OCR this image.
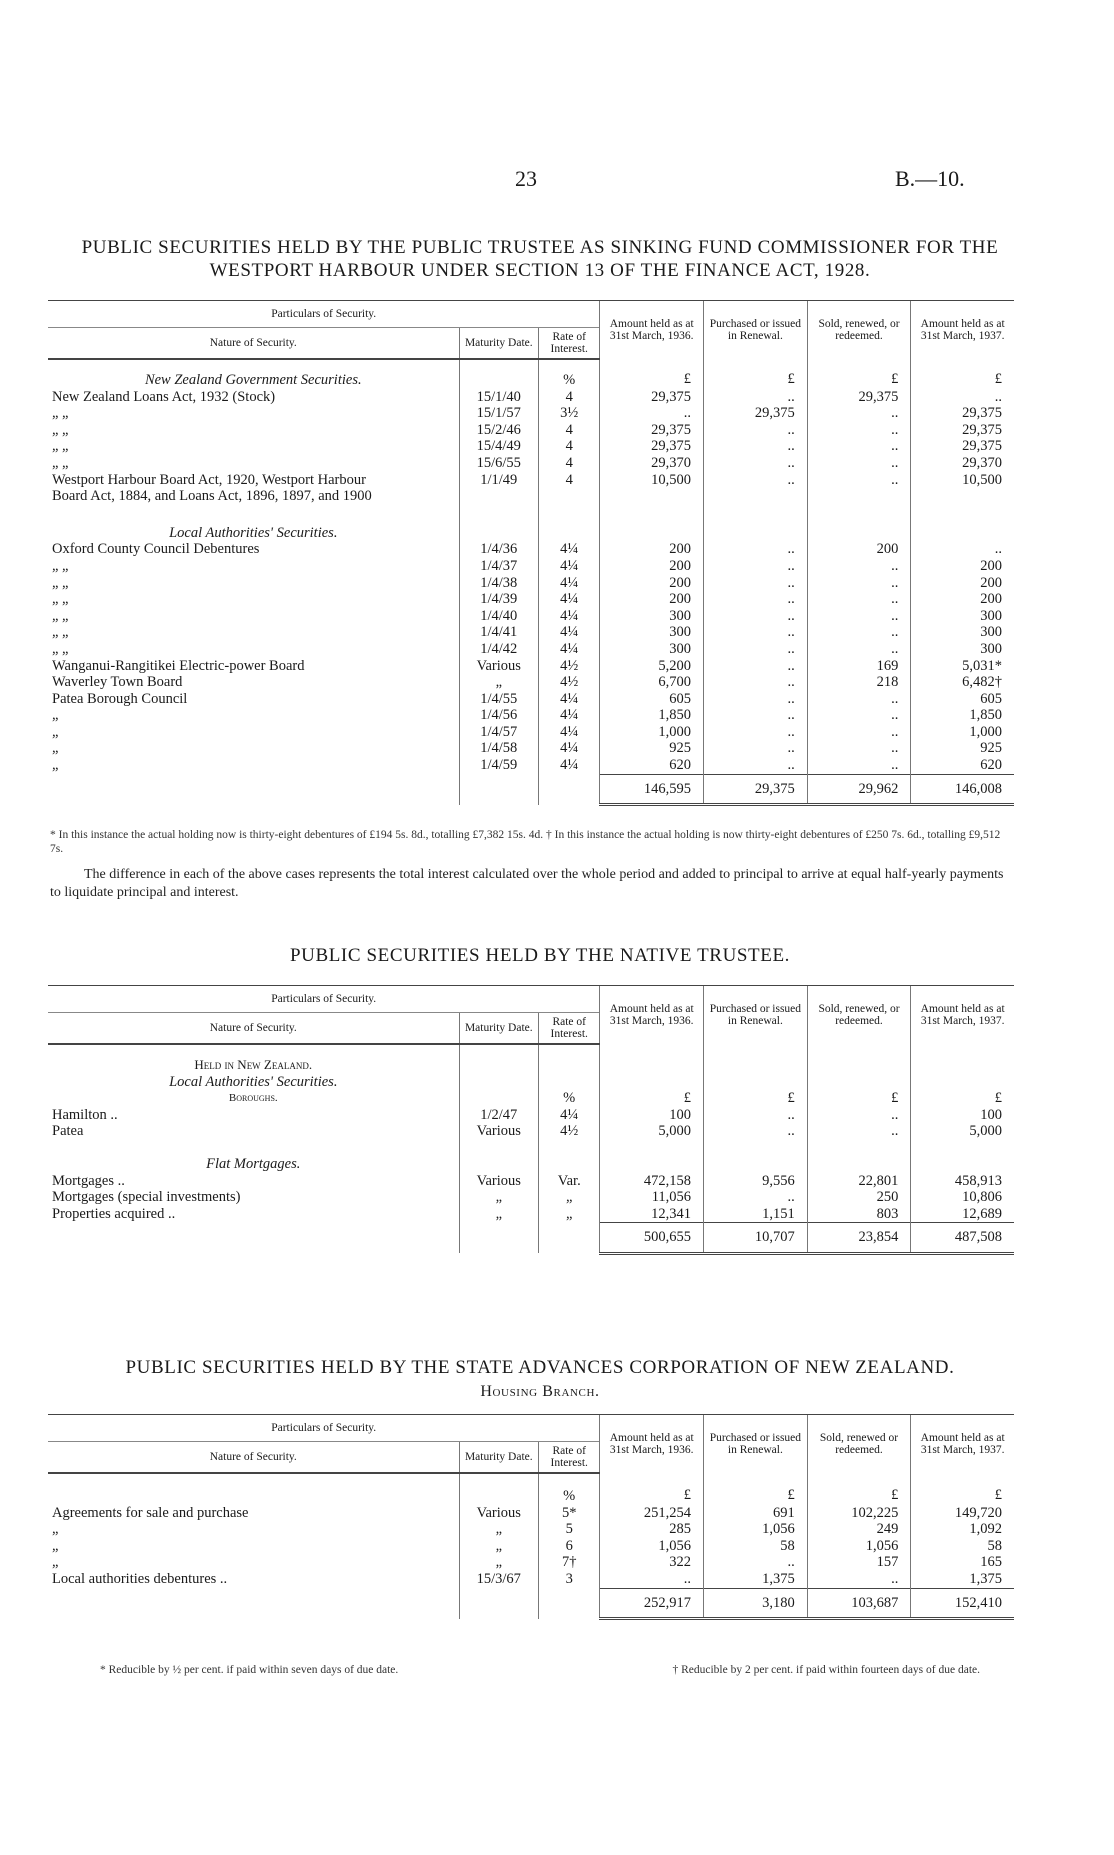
23	B.—10.
PUBLIC SECURITIES HELD BY THE PUBLIC TRUSTEE AS SINKING FUND COMMISSIONER FOR THE WESTPORT HARBOUR UNDER SECTION 13 OF THE FINANCE ACT, 1928.
Particulars of Security.			Amount held as at 31st March, 1936.	Purchased or issued in Renewal.	Sold, renewed, or redeemed.	Amount held as at 31st March, 1937.
Nature of Security.	Maturity Date.	Rate of Interest.				
New Zealand Government Securities.		%	£	£	£	£
New Zealand Loans Act, 1932 (Stock)	15/1/40	4	29,375	..	29,375	..
„ „	15/1/57	3½	..	29,375	..	29,375
„ „	15/2/46	4	29,375	..	..	29,375
„ „	15/4/49	4	29,375	..	..	29,375
„ „	15/6/55	4	29,370	..	..	29,370

Westport Harbour Board Act, 1920, Westport Harbour
Board Act, 1884, and Loans Act, 1896, 1897, and 1900	1/1/49	4	10,500	..	..	10,500
Local Authorities' Securities.						
Oxford County Council Debentures	1/4/36	4¼	200	..	200	..
„ „	1/4/37	4¼	200	..	..	200
„ „	1/4/38	4¼	200	..	..	200
„ „	1/4/39	4¼	200	..	..	200
„ „	1/4/40	4¼	300	..	..	300
„ „	1/4/41	4¼	300	..	..	300
„ „	1/4/42	4¼	300	..	..	300
Wanganui-Rangitikei Electric-power Board	Various	4½	5,200	..	169	5,031*
Waverley Town Board	„	4½	6,700	..	218	6,482†
Patea Borough Council	1/4/55	4¼	605	..	..	605
„	1/4/56	4¼	1,850	..	..	1,850
„	1/4/57	4¼	1,000	..	..	1,000
„	1/4/58	4¼	925	..	..	925
„	1/4/59	4¼	620	..	..	620
			146,595	29,375	29,962	146,008
* In this instance the actual holding now is thirty-eight debentures of £194 5s. 8d., totalling £7,382 15s. 4d. † In this instance the actual holding is now thirty-eight debentures of £250 7s. 6d., totalling £9,512 7s.
The difference in each of the above cases represents the total interest calculated over the whole period and added to principal to arrive at equal half-yearly payments to liquidate principal and interest.
PUBLIC SECURITIES HELD BY THE NATIVE TRUSTEE.
Particulars of Security.			Amount held as at 31st March, 1936.	Purchased or issued in Renewal.	Sold, renewed, or redeemed.	Amount held as at 31st March, 1937.
Nature of Security.	Maturity Date.	Rate of Interest.				
Held in New Zealand.						
Local Authorities' Securities.						
Boroughs.		%	£	£	£	£
Hamilton ..	1/2/47	4¼	100	..	..	100
Patea	Various	4½	5,000	..	..	5,000
Flat Mortgages.						
Mortgages ..	Various	Var.	472,158	9,556	22,801	458,913
Mortgages (special investments)	„	„	11,056	..	250	10,806
Properties acquired ..	„	„	12,341	1,151	803	12,689
			500,655	10,707	23,854	487,508
PUBLIC SECURITIES HELD BY THE STATE ADVANCES CORPORATION OF NEW ZEALAND.
Housing Branch.
Particulars of Security.			Amount held as at 31st March, 1936.	Purchased or issued in Renewal.	Sold, renewed or redeemed.	Amount held as at 31st March, 1937.
Nature of Security.	Maturity Date.	Rate of Interest.				
		%	£	£	£	£
Agreements for sale and purchase	Various	5*	251,254	691	102,225	149,720
„	„	5	285	1,056	249	1,092
„	„	6	1,056	58	1,056	58
„	„	7†	322	..	157	165
Local authorities debentures ..	15/3/67	3	..	1,375	..	1,375
			252,917	3,180	103,687	152,410
* Reducible by ½ per cent. if paid within seven days of due date.	† Reducible by 2 per cent. if paid within fourteen days of due date.
